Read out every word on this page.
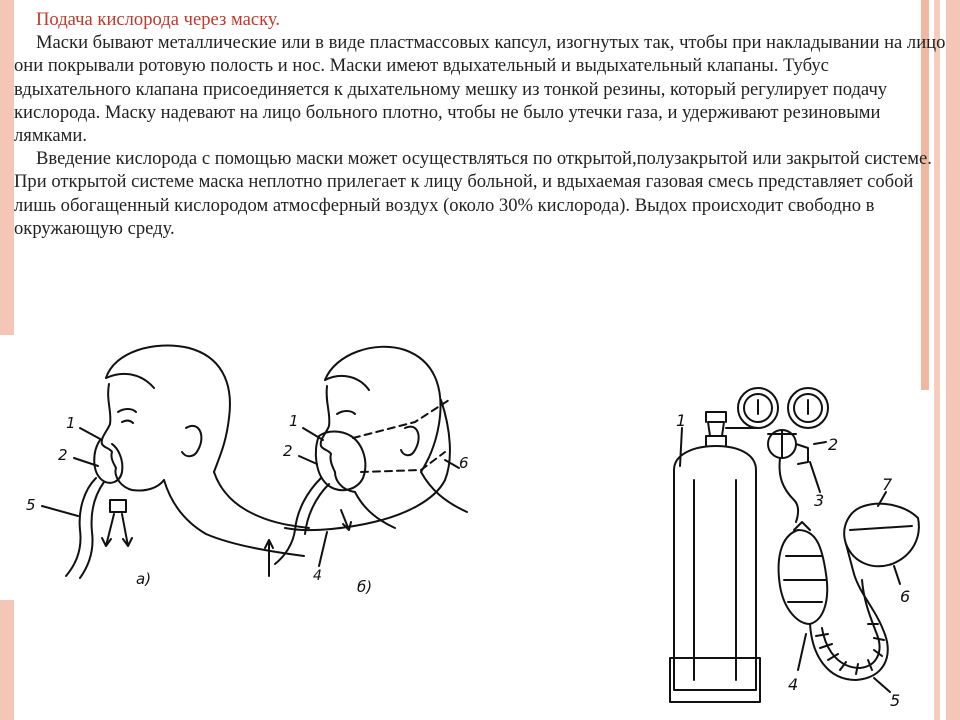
Подача кислорода через маску.

Маски бывают металлические или в виде пластмассовых капсул, изогнутых так, чтобы при накладывании на лицо они покрывали ротовую полость и нос. Маски имеют вдыхательный и выдыхательный клапаны. Тубус вдыхательного клапана присоединяется к дыхательному мешку из тонкой резины, который регулирует подачу кислорода. Маску надевают на лицо больного плотно, чтобы не было утечки газа, и удерживают резиновыми лямками.

Введение кислорода с помощью маски может осуществляться по открытой,полузакрытой или закрытой системе. При открытой системе маска неплотно прилегает к лицу больной, и вдыхаемая газовая смесь представляет собой лишь обогащенный кислородом атмосферный воздух (около 30% кислорода). Выдох происходит свободно в окружающую среду.

1
2
5
а)
1
2
4
6
б)
1
2
3
4
5
6
7
